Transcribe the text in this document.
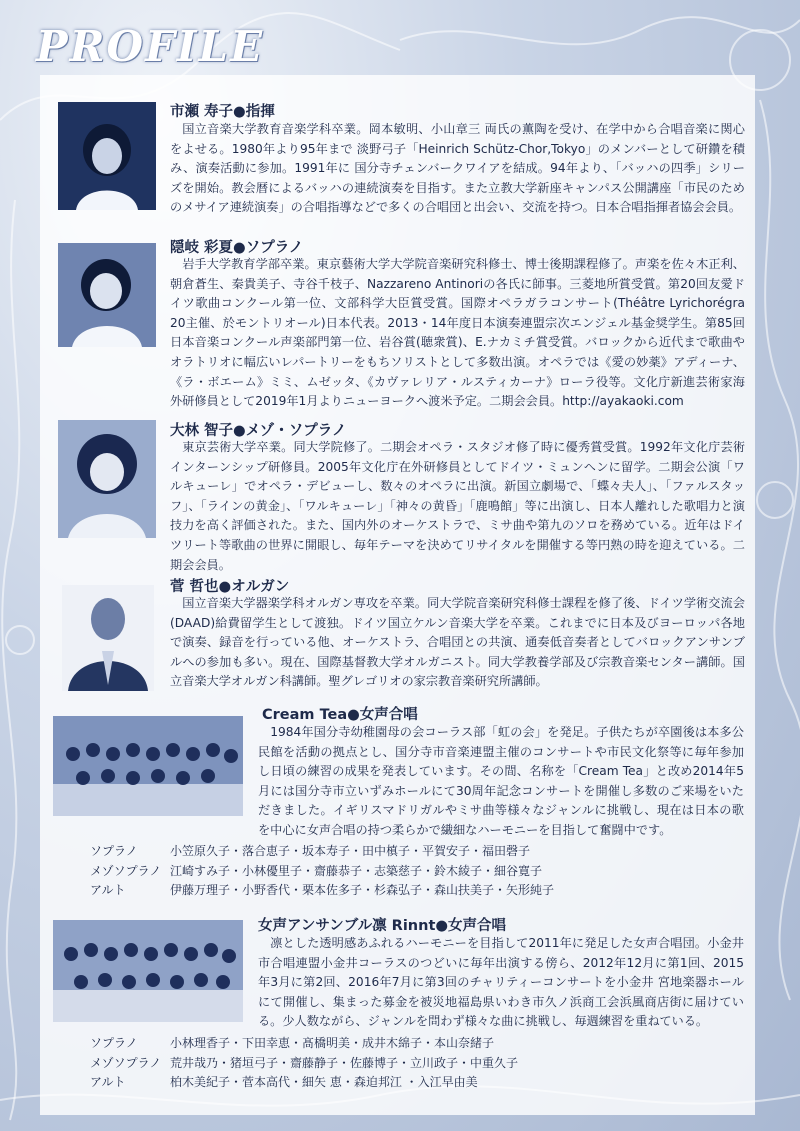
PROFILE
市瀬 寿子●指揮

国立音楽大学教育音楽学科卒業。岡本敏明、小山章三 両氏の薫陶を受け、在学中から合唱音楽に関心をよせる。1980年より95年まで 淡野弓子「Heinrich Schütz-Chor,Tokyo」のメンバーとして研鑽を積み、演奏活動に参加。1991年に 国分寺チェンバークワイアを結成。94年より、「バッハの四季」シリーズを開始。教会暦によるバッハの連続演奏を目指す。また立教大学新座キャンパス公開講座「市民のためのメサイア連続演奏」の合唱指導などで多くの合唱団と出会い、交流を持つ。日本合唱指揮者協会会員。

隠岐 彩夏●ソプラノ

岩手大学教育学部卒業。東京藝術大学大学院音楽研究科修士、博士後期課程修了。声楽を佐々木正利、朝倉蒼生、秦貴美子、寺谷千枝子、Nazzareno Antinoriの各氏に師事。三菱地所賞受賞。第20回友愛ドイツ歌曲コンクール第一位、文部科学大臣賞受賞。国際オペラガラコンサート(Théâtre Lyrichorégra 20主催、於モントリオール)日本代表。2013・14年度日本演奏連盟宗次エンジェル基金奨学生。第85回日本音楽コンクール声楽部門第一位、岩谷賞(聴衆賞)、E.ナカミチ賞受賞。バロックから近代まで歌曲やオラトリオに幅広いレパートリーをもちソリストとして多数出演。オペラでは《愛の妙薬》アディーナ、《ラ・ボエーム》ミミ、ムゼッタ、《カヴァレリア・ルスティカーナ》ローラ役等。文化庁新進芸術家海外研修員として2019年1月よりニューヨークへ渡米予定。二期会会員。http://ayakaoki.com

大林 智子●メゾ・ソプラノ

東京芸術大学卒業。同大学院修了。二期会オペラ・スタジオ修了時に優秀賞受賞。1992年文化庁芸術インターンシップ研修員。2005年文化庁在外研修員としてドイツ・ミュンヘンに留学。二期会公演「ワルキューレ」でオペラ・デビューし、数々のオペラに出演。新国立劇場で、「蝶々夫人」、「ファルスタッフ」、「ラインの黄金」、「ワルキューレ」「神々の黄昏」「鹿鳴館」等に出演し、日本人離れした歌唱力と演技力を高く評価された。また、国内外のオーケストラで、ミサ曲や第九のソロを務めている。近年はドイツリート等歌曲の世界に開眼し、毎年テーマを決めてリサイタルを開催する等円熟の時を迎えている。二期会会員。

菅 哲也●オルガン

国立音楽大学器楽学科オルガン専攻を卒業。同大学院音楽研究科修士課程を修了後、ドイツ学術交流会(DAAD)給費留学生として渡独。ドイツ国立ケルン音楽大学を卒業。これまでに日本及びヨーロッパ各地で演奏、録音を行っている他、オーケストラ、合唱団との共演、通奏低音奏者としてバロックアンサンブルへの参加も多い。現在、国際基督教大学オルガニスト。同大学教養学部及び宗教音楽センター講師。国立音楽大学オルガン科講師。聖グレゴリオの家宗教音楽研究所講師。

Cream Tea●女声合唱

1984年国分寺幼稚園母の会コーラス部「虹の会」を発足。子供たちが卒園後は本多公民館を活動の拠点とし、国分寺市音楽連盟主催のコンサートや市民文化祭等に毎年参加し日頃の練習の成果を発表しています。その間、名称を「Cream Tea」と改め2014年5月には国分寺市立いずみホールにて30周年記念コンサートを開催し多数のご来場をいただきました。イギリスマドリガルやミサ曲等様々なジャンルに挑戦し、現在は日本の歌を中心に女声合唱の持つ柔らかで繊細なハーモニーを目指して奮闘中です。

ソプラノ	小笠原久子・落合恵子・坂本寿子・田中槙子・平賀安子・福田磬子
メゾソプラノ 江崎すみ子・小林優里子・齋藤恭子・志築慈子・鈴木綾子・細谷寛子
アルト	伊藤万理子・小野香代・栗本佐多子・杉森弘子・森山扶美子・矢形純子
女声アンサンブル凛 Rinnt●女声合唱

凛とした透明感あふれるハーモニーを目指して2011年に発足した女声合唱団。小金井市合唱連盟小金井コーラスのつどいに毎年出演する傍ら、2012年12月に第1回、2015年3月に第2回、2016年7月に第3回のチャリティーコンサートを小金井 宮地楽器ホールにて開催し、集まった募金を被災地福島県いわき市久ノ浜商工会浜風商店街に届けている。少人数ながら、ジャンルを問わず様々な曲に挑戦し、毎週練習を重ねている。

ソプラノ	小林理香子・下田幸恵・髙橋明美・成井木綿子・本山奈緒子
メゾソプラノ 荒井哉乃・猪垣弓子・齋藤静子・佐藤博子・立川政子・中重久子
アルト	柏木美紀子・菅本高代・細矢 恵・森迫邦江 ・入江早由美
